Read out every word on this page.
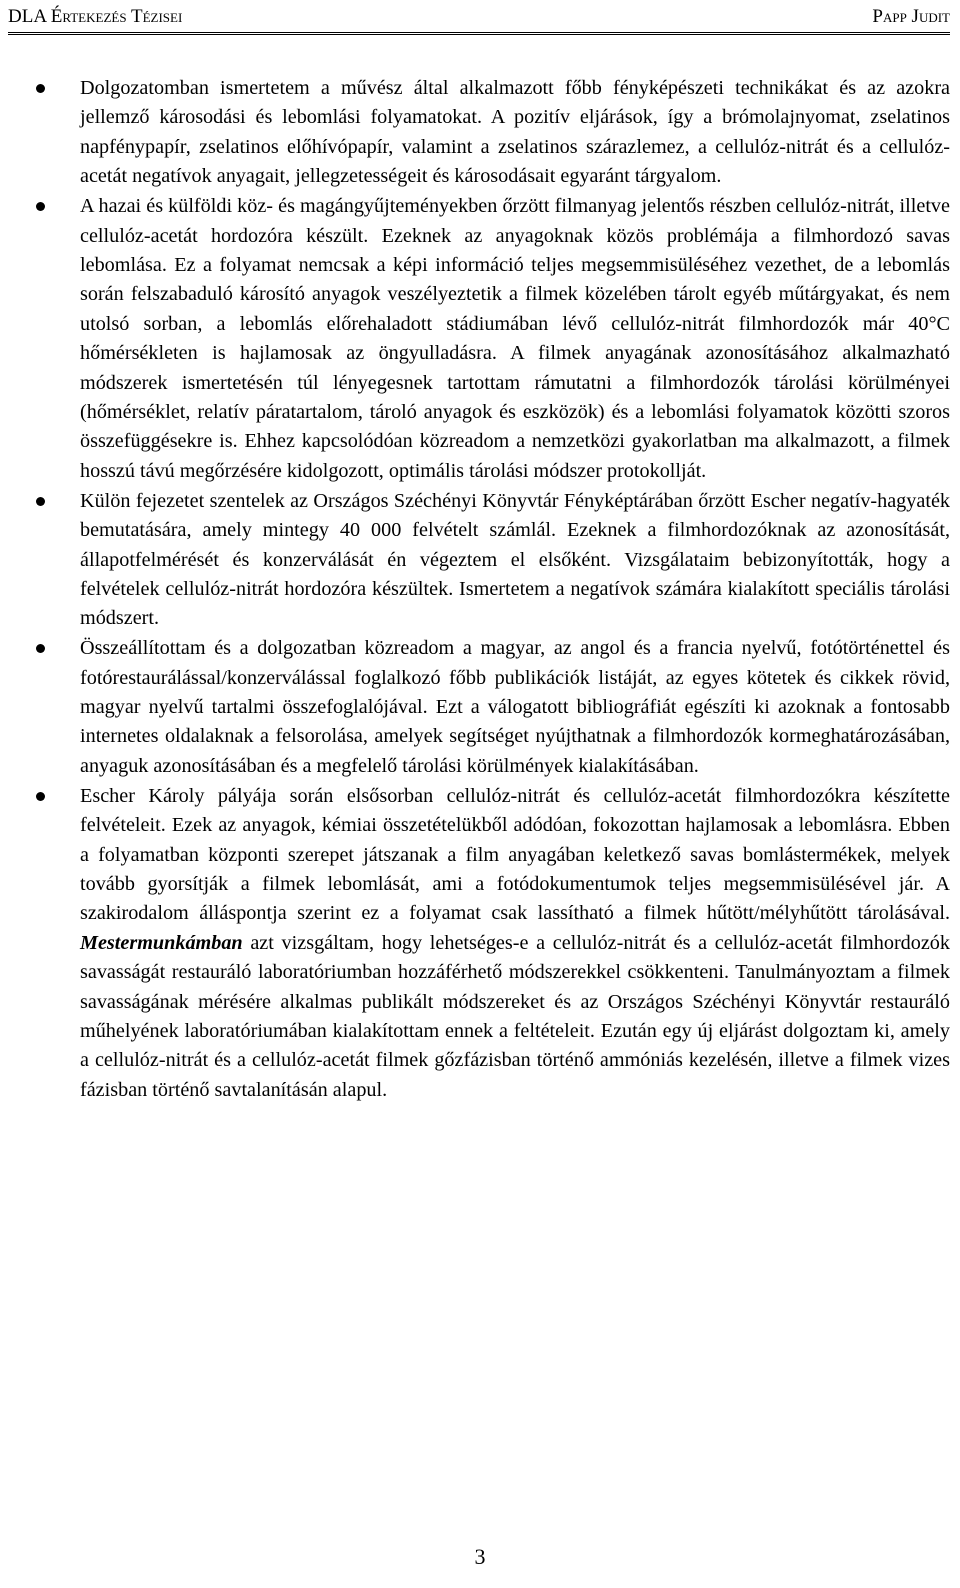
DLA Értekezés Tézisei	Papp Judit
Dolgozatomban ismertetem a művész által alkalmazott főbb fényképészeti technikákat és az azokra jellemző károsodási és lebomlási folyamatokat. A pozitív eljárások, így a brómolajnyomat, zselatinos napfénypapír, zselatinos előhívópapír, valamint a zselatinos szárazlemez, a cellulóz-nitrát és a cellulóz-acetát negatívok anyagait, jellegzetességeit és károsodásait egyaránt tárgyalom.
A hazai és külföldi köz- és magángyűjteményekben őrzött filmanyag jelentős részben cellulóz-nitrát, illetve cellulóz-acetát hordozóra készült. Ezeknek az anyagoknak közös problémája a filmhordozó savas lebomlása. Ez a folyamat nemcsak a képi információ teljes megsemmisüléséhez vezethet, de a lebomlás során felszabaduló károsító anyagok veszélyeztetik a filmek közelében tárolt egyéb műtárgyakat, és nem utolsó sorban, a lebomlás előrehaladott stádiumában lévő cellulóz-nitrát filmhordozók már 40°C hőmérsékleten is hajlamosak az öngyulladásra. A filmek anyagának azonosításához alkalmazható módszerek ismertetésén túl lényegesnek tartottam rámutatni a filmhordozók tárolási körülményei (hőmérséklet, relatív páratartalom, tároló anyagok és eszközök) és a lebomlási folyamatok közötti szoros összefüggésekre is. Ehhez kapcsolódóan közreadom a nemzetközi gyakorlatban ma alkalmazott, a filmek hosszú távú megőrzésére kidolgozott, optimális tárolási módszer protokollját.
Külön fejezetet szentelek az Országos Széchényi Könyvtár Fényképtárában őrzött Escher negatív-hagyaték bemutatására, amely mintegy 40 000 felvételt számlál. Ezeknek a filmhordozóknak az azonosítását, állapotfelmérését és konzerválását én végeztem el elsőként. Vizsgálataim bebizonyították, hogy a felvételek cellulóz-nitrát hordozóra készültek. Ismertetem a negatívok számára kialakított speciális tárolási módszert.
Összeállítottam és a dolgozatban közreadom a magyar, az angol és a francia nyelvű, fotótörténettel és fotórestaurálással/konzerválással foglalkozó főbb publikációk listáját, az egyes kötetek és cikkek rövid, magyar nyelvű tartalmi összefoglalójával. Ezt a válogatott bibliográfiát egészíti ki azoknak a fontosabb internetes oldalaknak a felsorolása, amelyek segítséget nyújthatnak a filmhordozók kormeghatározásában, anyaguk azonosításában és a megfelelő tárolási körülmények kialakításában.
Escher Károly pályája során elsősorban cellulóz-nitrát és cellulóz-acetát filmhordozókra készítette felvételeit. Ezek az anyagok, kémiai összetételükből adódóan, fokozottan hajlamosak a lebomlásra. Ebben a folyamatban központi szerepet játszanak a film anyagában keletkező savas bomlástermékek, melyek tovább gyorsítják a filmek lebomlását, ami a fotódokumentumok teljes megsemmisülésével jár. A szakirodalom álláspontja szerint ez a folyamat csak lassítható a filmek hűtött/mélyhűtött tárolásával. Mestermunkámban azt vizsgáltam, hogy lehetséges-e a cellulóz-nitrát és a cellulóz-acetát filmhordozók savasságát restauráló laboratóriumban hozzáférhető módszerekkel csökkenteni. Tanulmányoztam a filmek savasságának mérésére alkalmas publikált módszereket és az Országos Széchényi Könyvtár restauráló műhelyének laboratóriumában kialakítottam ennek a feltételeit. Ezután egy új eljárást dolgoztam ki, amely a cellulóz-nitrát és a cellulóz-acetát filmek gőzfázisban történő ammóniás kezelésén, illetve a filmek vizes fázisban történő savtalanításán alapul.
3
